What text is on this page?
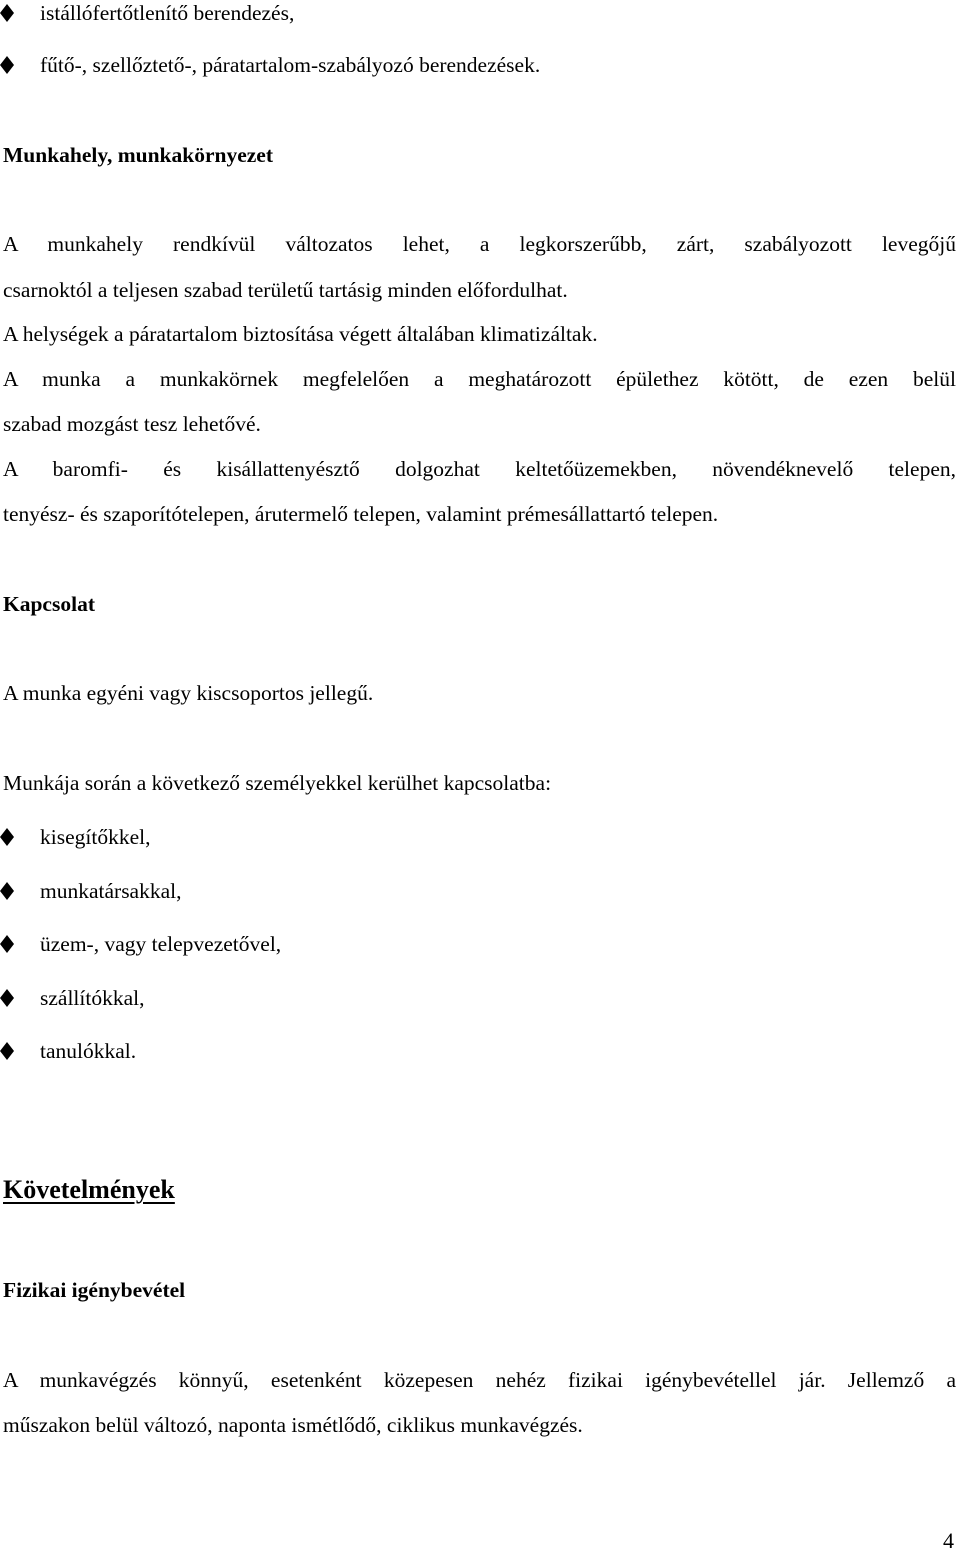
istállófertőtlenítő berendezés,
fűtő-, szellőztető-, páratartalom-szabályozó berendezések.
Munkahely, munkakörnyezet
A munkahely rendkívül változatos lehet, a legkorszerűbb, zárt, szabályozott levegőjű
csarnoktól a teljesen szabad területű tartásig minden előfordulhat.
A helységek a páratartalom biztosítása végett általában klimatizáltak.
A munka a munkakörnek megfelelően a meghatározott épülethez kötött, de ezen belül
szabad mozgást tesz lehetővé.
A baromfi- és kisállattenyésztő dolgozhat keltetőüzemekben, növendéknevelő telepen,
tenyész- és szaporítótelepen, árutermelő telepen, valamint prémesállattartó telepen.
Kapcsolat
A munka egyéni vagy kiscsoportos jellegű.
Munkája során a következő személyekkel kerülhet kapcsolatba:
kisegítőkkel,
munkatársakkal,
üzem-, vagy telepvezetővel,
szállítókkal,
tanulókkal.
Követelmények
Fizikai igénybevétel
A munkavégzés könnyű, esetenként közepesen nehéz fizikai igénybevétellel jár. Jellemző a
műszakon belül változó, naponta ismétlődő, ciklikus munkavégzés.
4
